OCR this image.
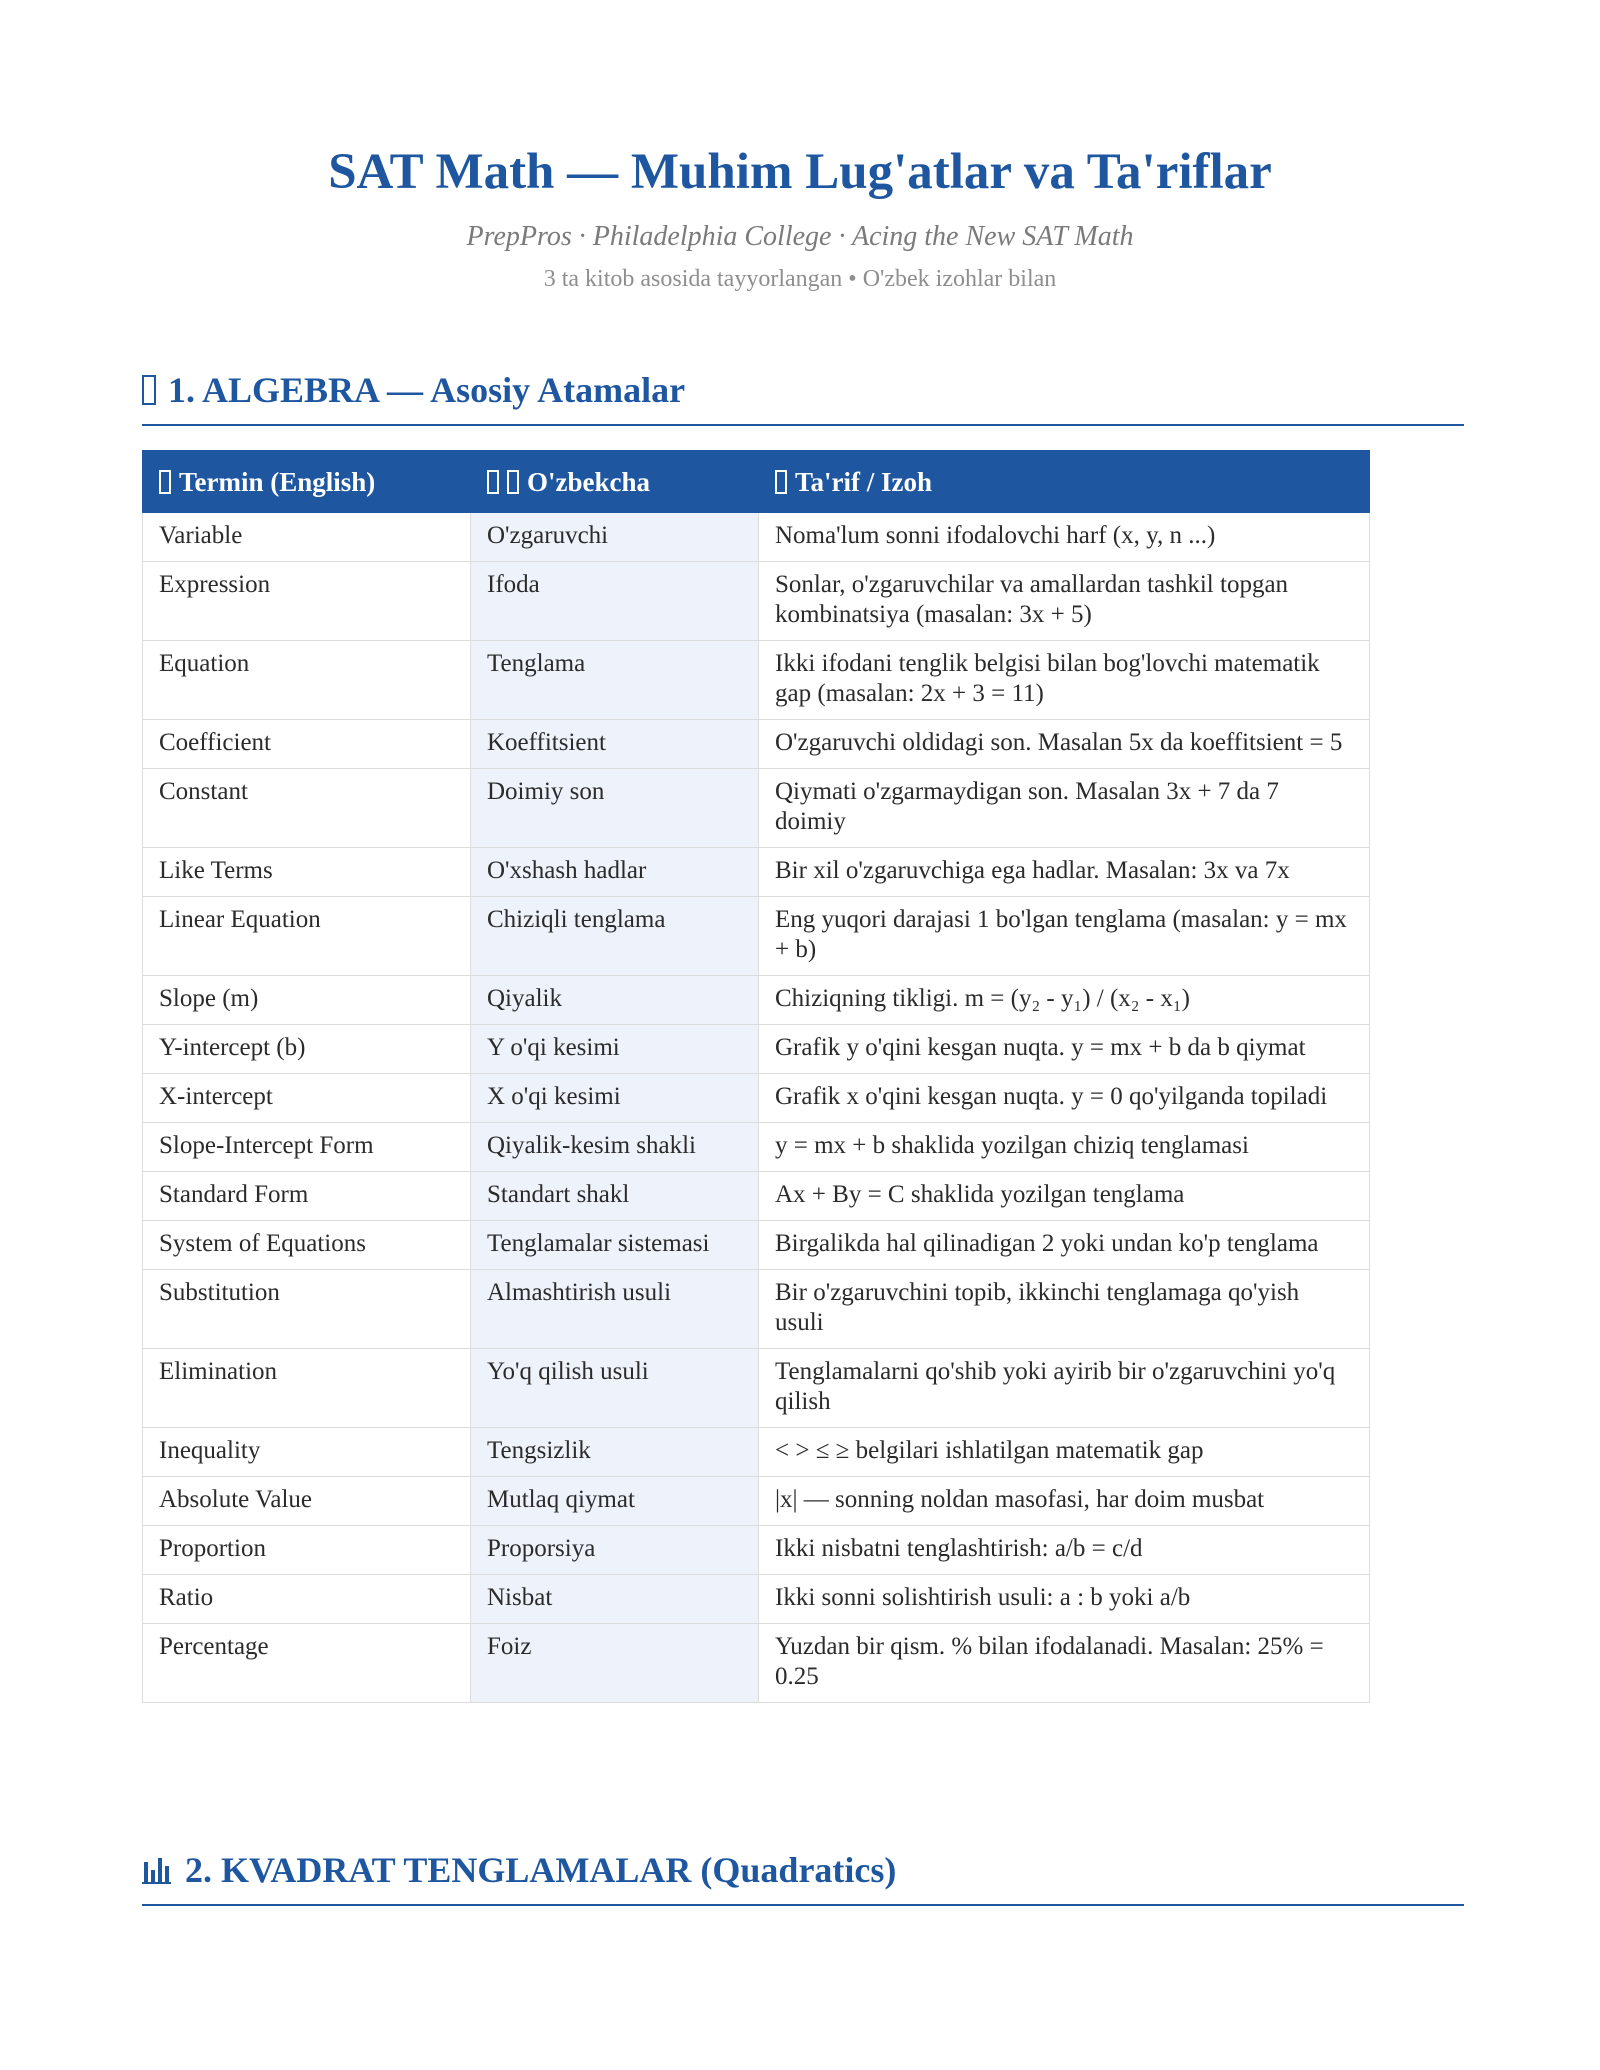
SAT Math — Muhim Lug'atlar va Ta'riflar
PrepPros · Philadelphia College · Acing the New SAT Math
3 ta kitob asosida tayyorlangan • O'zbek izohlar bilan
1. ALGEBRA — Asosiy Atamalar
Termin (English)	O'zbekcha	Ta'rif / Izoh
Variable	O'zgaruvchi	Noma'lum sonni ifodalovchi harf (x, y, n ...)
Expression	Ifoda	Sonlar, o'zgaruvchilar va amallardan tashkil topgan kombinatsiya (masalan: 3x + 5)
Equation	Tenglama	Ikki ifodani tenglik belgisi bilan bog'lovchi matematik gap (masalan: 2x + 3 = 11)
Coefficient	Koeffitsient	O'zgaruvchi oldidagi son. Masalan 5x da koeffitsient = 5
Constant	Doimiy son	Qiymati o'zgarmaydigan son. Masalan 3x + 7 da 7 doimiy
Like Terms	O'xshash hadlar	Bir xil o'zgaruvchiga ega hadlar. Masalan: 3x va 7x
Linear Equation	Chiziqli tenglama	Eng yuqori darajasi 1 bo'lgan tenglama (masalan: y = mx + b)
Slope (m)	Qiyalik	Chiziqning tikligi. m = (y₂ - y₁) / (x₂ - x₁)
Y-intercept (b)	Y o'qi kesimi	Grafik y o'qini kesgan nuqta. y = mx + b da b qiymat
X-intercept	X o'qi kesimi	Grafik x o'qini kesgan nuqta. y = 0 qo'yilganda topiladi
Slope-Intercept Form	Qiyalik-kesim shakli	y = mx + b shaklida yozilgan chiziq tenglamasi
Standard Form	Standart shakl	Ax + By = C shaklida yozilgan tenglama
System of Equations	Tenglamalar sistemasi	Birgalikda hal qilinadigan 2 yoki undan ko'p tenglama
Substitution	Almashtirish usuli	Bir o'zgaruvchini topib, ikkinchi tenglamaga qo'yish usuli
Elimination	Yo'q qilish usuli	Tenglamalarni qo'shib yoki ayirib bir o'zgaruvchini yo'q qilish
Inequality	Tengsizlik	< > ≤ ≥ belgilari ishlatilgan matematik gap
Absolute Value	Mutlaq qiymat	|x| — sonning noldan masofasi, har doim musbat
Proportion	Proporsiya	Ikki nisbatni tenglashtirish: a/b = c/d
Ratio	Nisbat	Ikki sonni solishtirish usuli: a : b yoki a/b
Percentage	Foiz	Yuzdan bir qism. % bilan ifodalanadi. Masalan: 25% = 0.25
2. KVADRAT TENGLAMALAR (Quadratics)
